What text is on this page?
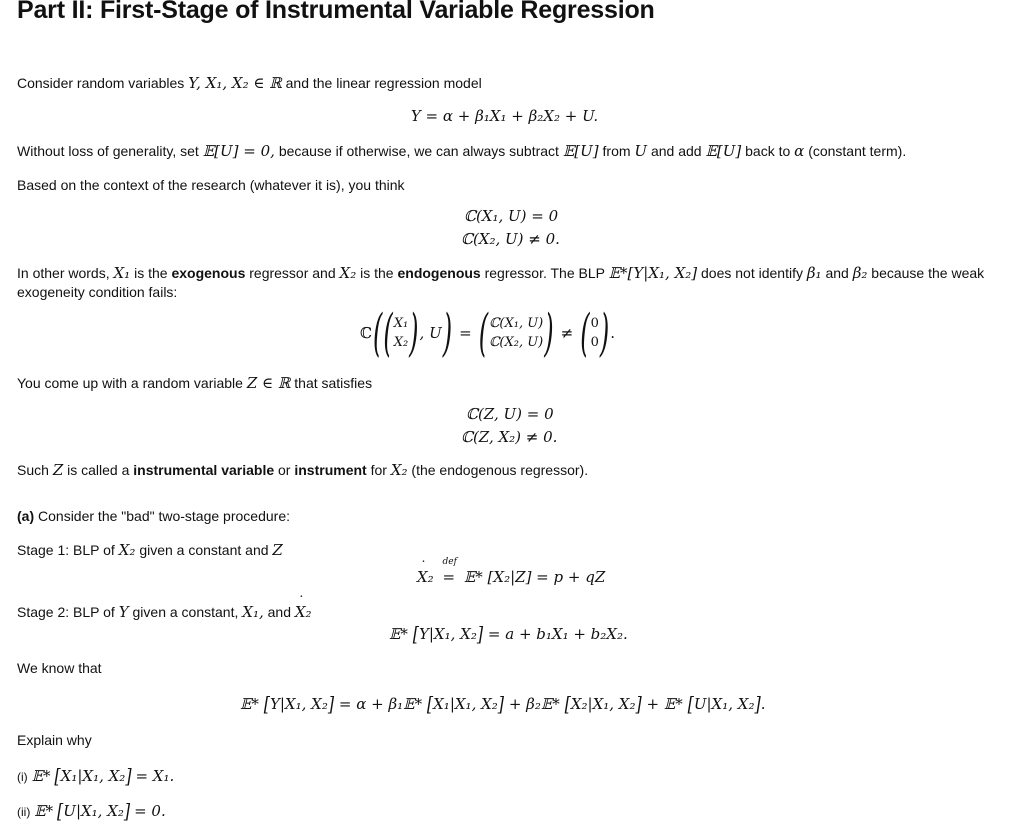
Part II: First-Stage of Instrumental Variable Regression
Consider random variables Y, X₁, X₂ ∈ ℝ and the linear regression model
Y = α + β₁X₁ + β₂X₂ + U.
Without loss of generality, set 𝔼[U] = 0, because if otherwise, we can always subtract 𝔼[U] from U and add 𝔼[U] back to α (constant term).
Based on the context of the research (whatever it is), you think
ℂ(X₁, U) = 0
ℂ(X₂, U) ≠ 0.
In other words, X₁ is the exogenous regressor and X₂ is the endogenous regressor. The BLP 𝔼*[Y|X₁, X₂] does not identify β₁ and β₂ because the weak
exogeneity condition fails:
ℂ ( ( X₁
X₂ ) , U ) = ( ℂ(X₁, U)
ℂ(X₂, U) ) ≠ ( 0
0 ) .
You come up with a random variable Z ∈ ℝ that satisfies
ℂ(Z, U) = 0
ℂ(Z, X₂) ≠ 0.
Such Z is called a instrumental variable or instrument for X₂ (the endogenous regressor).
(a) Consider the "bad" two-stage procedure:
Stage 1: BLP of X₂ given a constant and Z
˙ X₂
def
= 𝔼* [X₂|Z] = p + qZ
Stage 2: BLP of Y given a constant, X₁, and ˙ X₂
𝔼* [Y|X₁, X₂] = a + b₁X₁ + b₂X₂.
We know that
𝔼* [Y|X₁, X₂] = α + β₁𝔼* [X₁|X₁, X₂] + β₂𝔼* [X₂|X₁, X₂] + 𝔼* [U|X₁, X₂].
Explain why
(i) 𝔼* [X₁|X₁, X₂] = X₁.
(ii) 𝔼* [U|X₁, X₂] = 0.
